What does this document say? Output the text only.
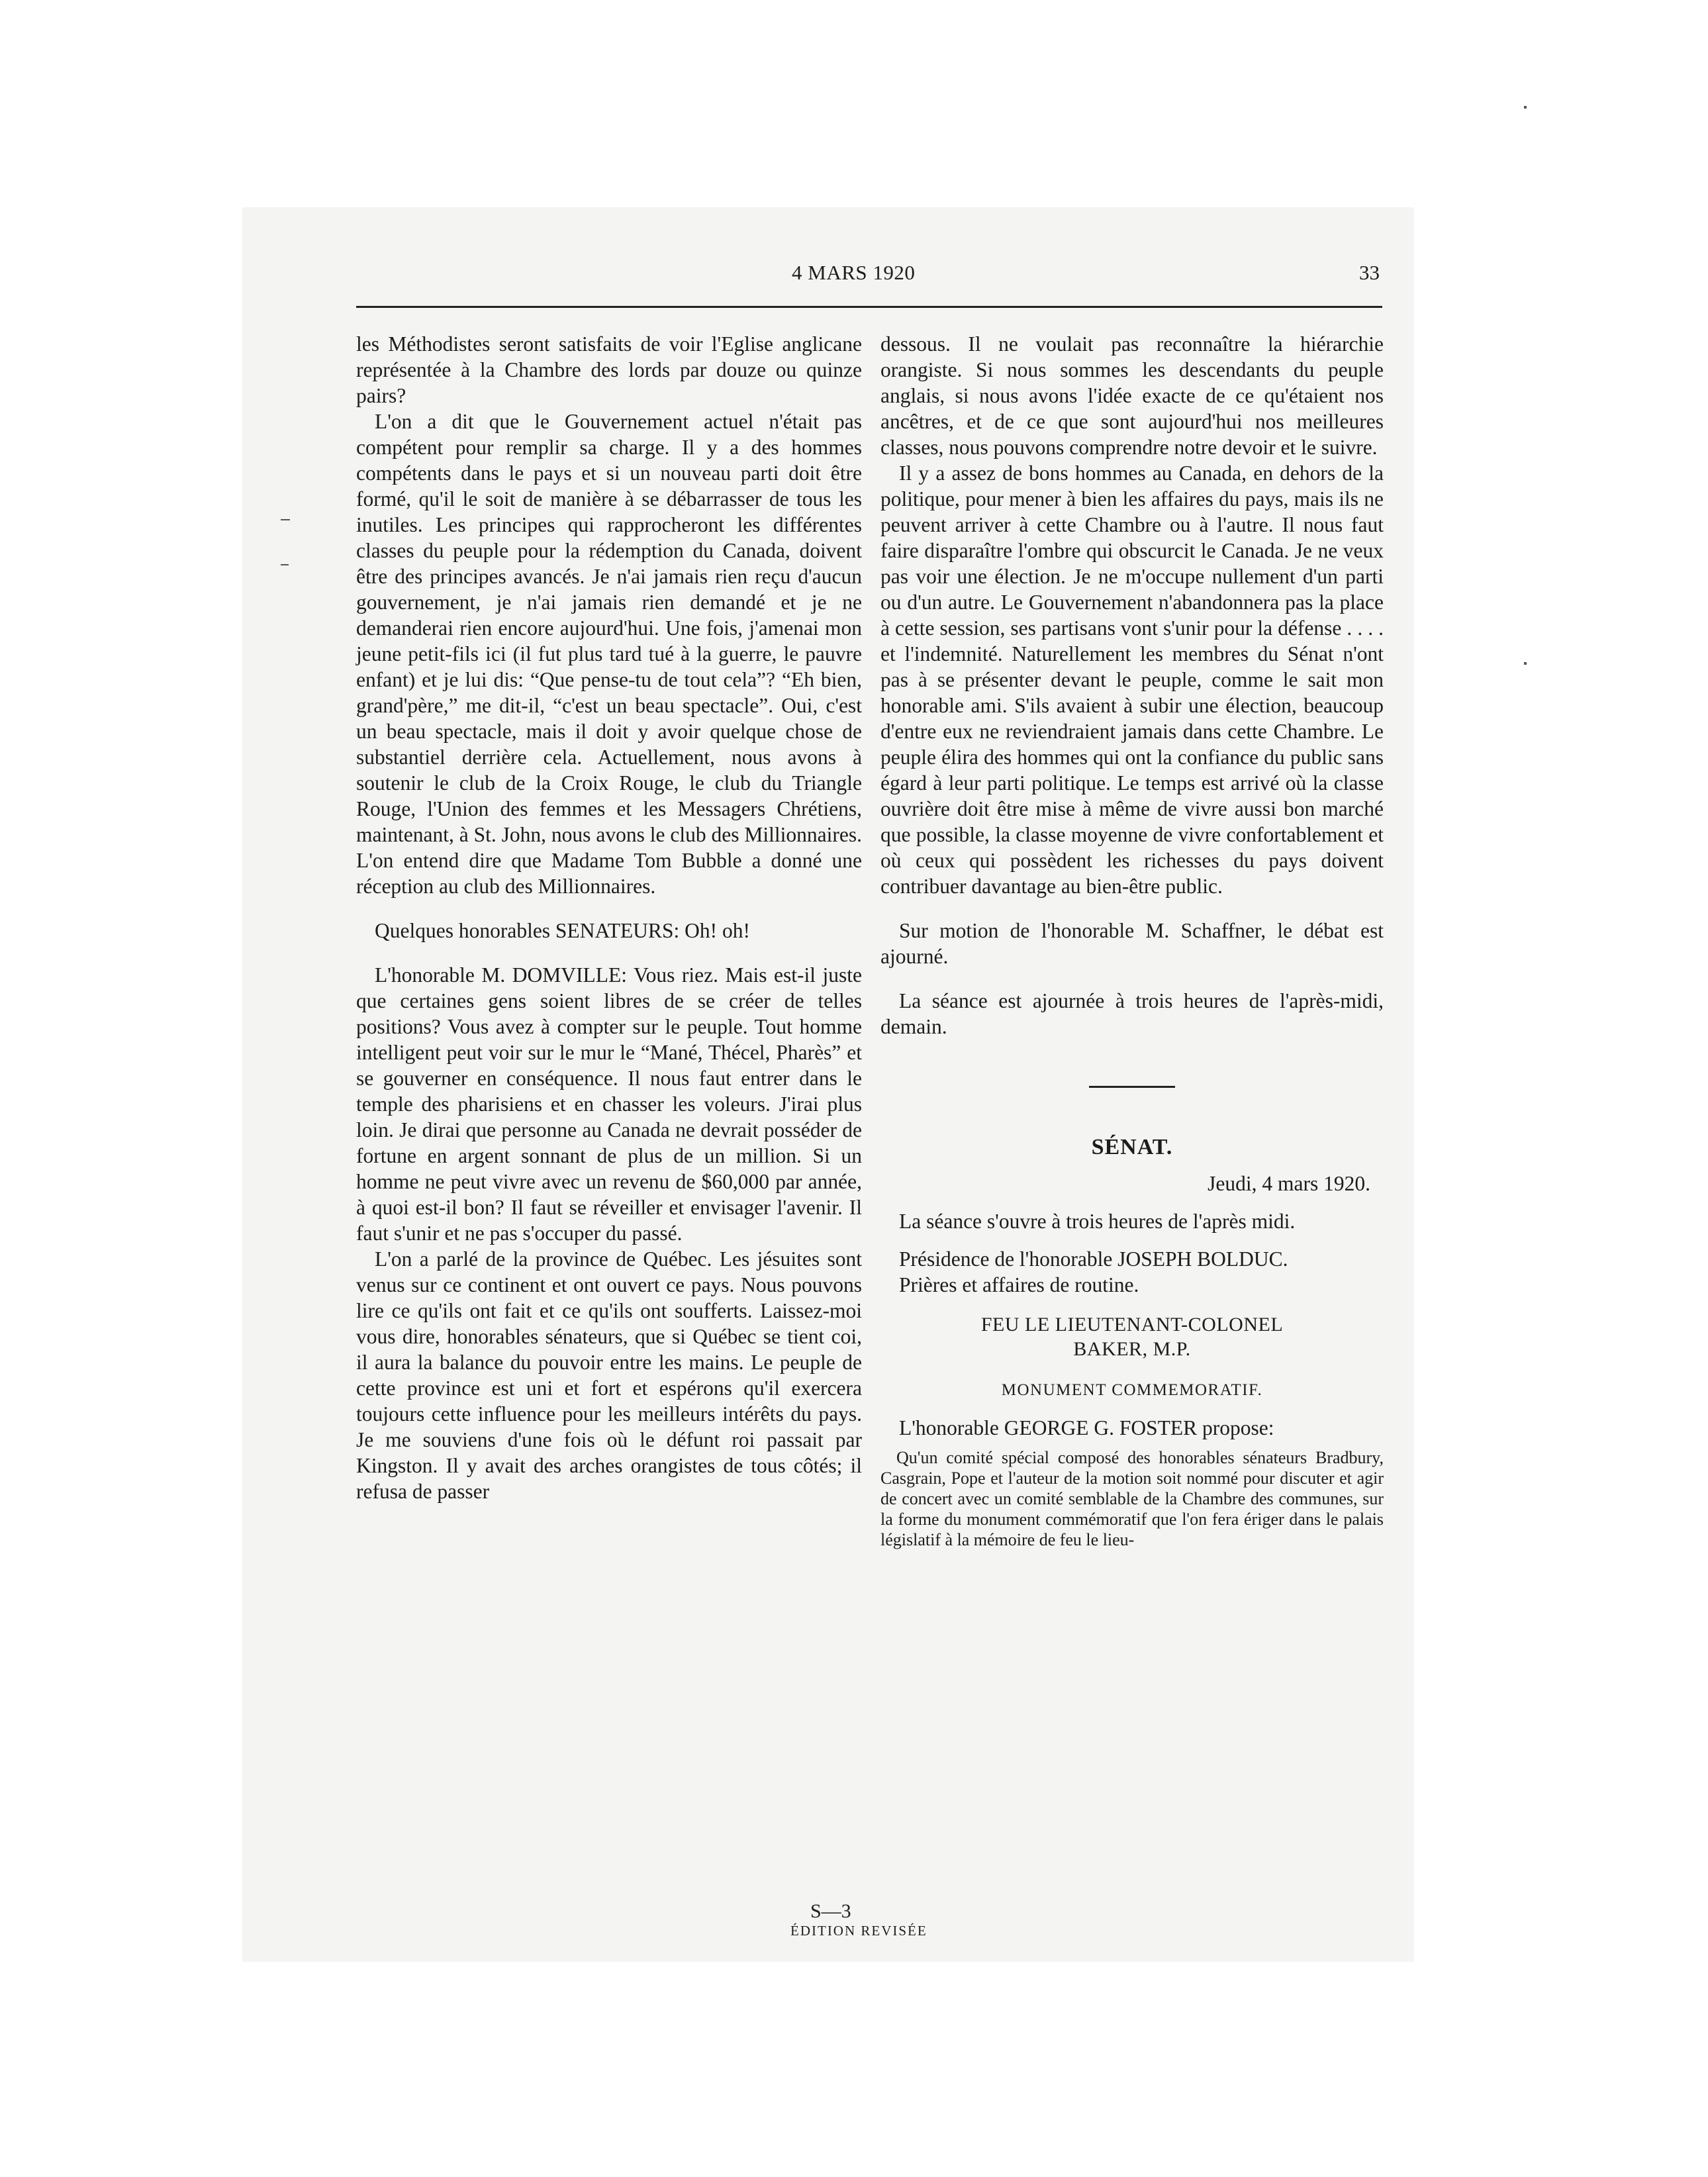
4 MARS 1920	33

les Méthodistes seront satisfaits de voir l'Eglise anglicane représentée à la Chambre des lords par douze ou quinze pairs?

L'on a dit que le Gouvernement actuel n'était pas compétent pour remplir sa charge. Il y a des hommes compétents dans le pays et si un nouveau parti doit être formé, qu'il le soit de manière à se débarrasser de tous les inutiles. Les principes qui rapprocheront les différentes classes du peuple pour la rédemption du Canada, doivent être des principes avancés. Je n'ai jamais rien reçu d'aucun gouvernement, je n'ai jamais rien demandé et je ne demanderai rien encore aujourd'hui. Une fois, j'amenai mon jeune petit-fils ici (il fut plus tard tué à la guerre, le pauvre enfant) et je lui dis: “Que pense-tu de tout cela”? “Eh bien, grand'père,” me dit-il, “c'est un beau spectacle”. Oui, c'est un beau spectacle, mais il doit y avoir quelque chose de substantiel derrière cela. Actuellement, nous avons à soutenir le club de la Croix Rouge, le club du Triangle Rouge, l'Union des femmes et les Messagers Chrétiens, maintenant, à St. John, nous avons le club des Millionnaires. L'on entend dire que Madame Tom Bubble a donné une réception au club des Millionnaires.

Quelques honorables SENATEURS: Oh! oh!

L'honorable M. DOMVILLE: Vous riez. Mais est-il juste que certaines gens soient libres de se créer de telles positions? Vous avez à compter sur le peuple. Tout homme intelligent peut voir sur le mur le “Mané, Thécel, Pharès” et se gouverner en conséquence. Il nous faut entrer dans le temple des pharisiens et en chasser les voleurs. J'irai plus loin. Je dirai que personne au Canada ne devrait posséder de fortune en argent sonnant de plus de un million. Si un homme ne peut vivre avec un revenu de $60,000 par année, à quoi est-il bon? Il faut se réveiller et envisager l'avenir. Il faut s'unir et ne pas s'occuper du passé.

L'on a parlé de la province de Québec. Les jésuites sont venus sur ce continent et ont ouvert ce pays. Nous pouvons lire ce qu'ils ont fait et ce qu'ils ont soufferts. Laissez-moi vous dire, honorables sénateurs, que si Québec se tient coi, il aura la balance du pouvoir entre les mains. Le peuple de cette province est uni et fort et espérons qu'il exercera toujours cette influence pour les meilleurs intérêts du pays. Je me souviens d'une fois où le défunt roi passait par Kingston. Il y avait des arches orangistes de tous côtés; il refusa de passer

dessous. Il ne voulait pas reconnaître la hiérarchie orangiste. Si nous sommes les descendants du peuple anglais, si nous avons l'idée exacte de ce qu'étaient nos ancêtres, et de ce que sont aujourd'hui nos meilleures classes, nous pouvons comprendre notre devoir et le suivre.

Il y a assez de bons hommes au Canada, en dehors de la politique, pour mener à bien les affaires du pays, mais ils ne peuvent arriver à cette Chambre ou à l'autre. Il nous faut faire disparaître l'ombre qui obscurcit le Canada. Je ne veux pas voir une élection. Je ne m'occupe nullement d'un parti ou d'un autre. Le Gouvernement n'abandonnera pas la place à cette session, ses partisans vont s'unir pour la défense . . . . et l'indemnité. Naturellement les membres du Sénat n'ont pas à se présenter devant le peuple, comme le sait mon honorable ami. S'ils avaient à subir une élection, beaucoup d'entre eux ne reviendraient jamais dans cette Chambre. Le peuple élira des hommes qui ont la confiance du public sans égard à leur parti politique. Le temps est arrivé où la classe ouvrière doit être mise à même de vivre aussi bon marché que possible, la classe moyenne de vivre confortablement et où ceux qui possèdent les richesses du pays doivent contribuer davantage au bien-être public.

Sur motion de l'honorable M. Schaffner, le débat est ajourné.

La séance est ajournée à trois heures de l'après-midi, demain.

SÉNAT.

Jeudi, 4 mars 1920.

La séance s'ouvre à trois heures de l'après midi.

Présidence de l'honorable JOSEPH BOLDUC.

Prières et affaires de routine.

FEU LE LIEUTENANT-COLONEL
BAKER, M.P.
MONUMENT COMMEMORATIF.

L'honorable GEORGE G. FOSTER propose:

Qu'un comité spécial composé des honorables sénateurs Bradbury, Casgrain, Pope et l'auteur de la motion soit nommé pour discuter et agir de concert avec un comité semblable de la Chambre des communes, sur la forme du monument commémoratif que l'on fera ériger dans le palais législatif à la mémoire de feu le lieu-

S—3
ÉDITION REVISÉE
